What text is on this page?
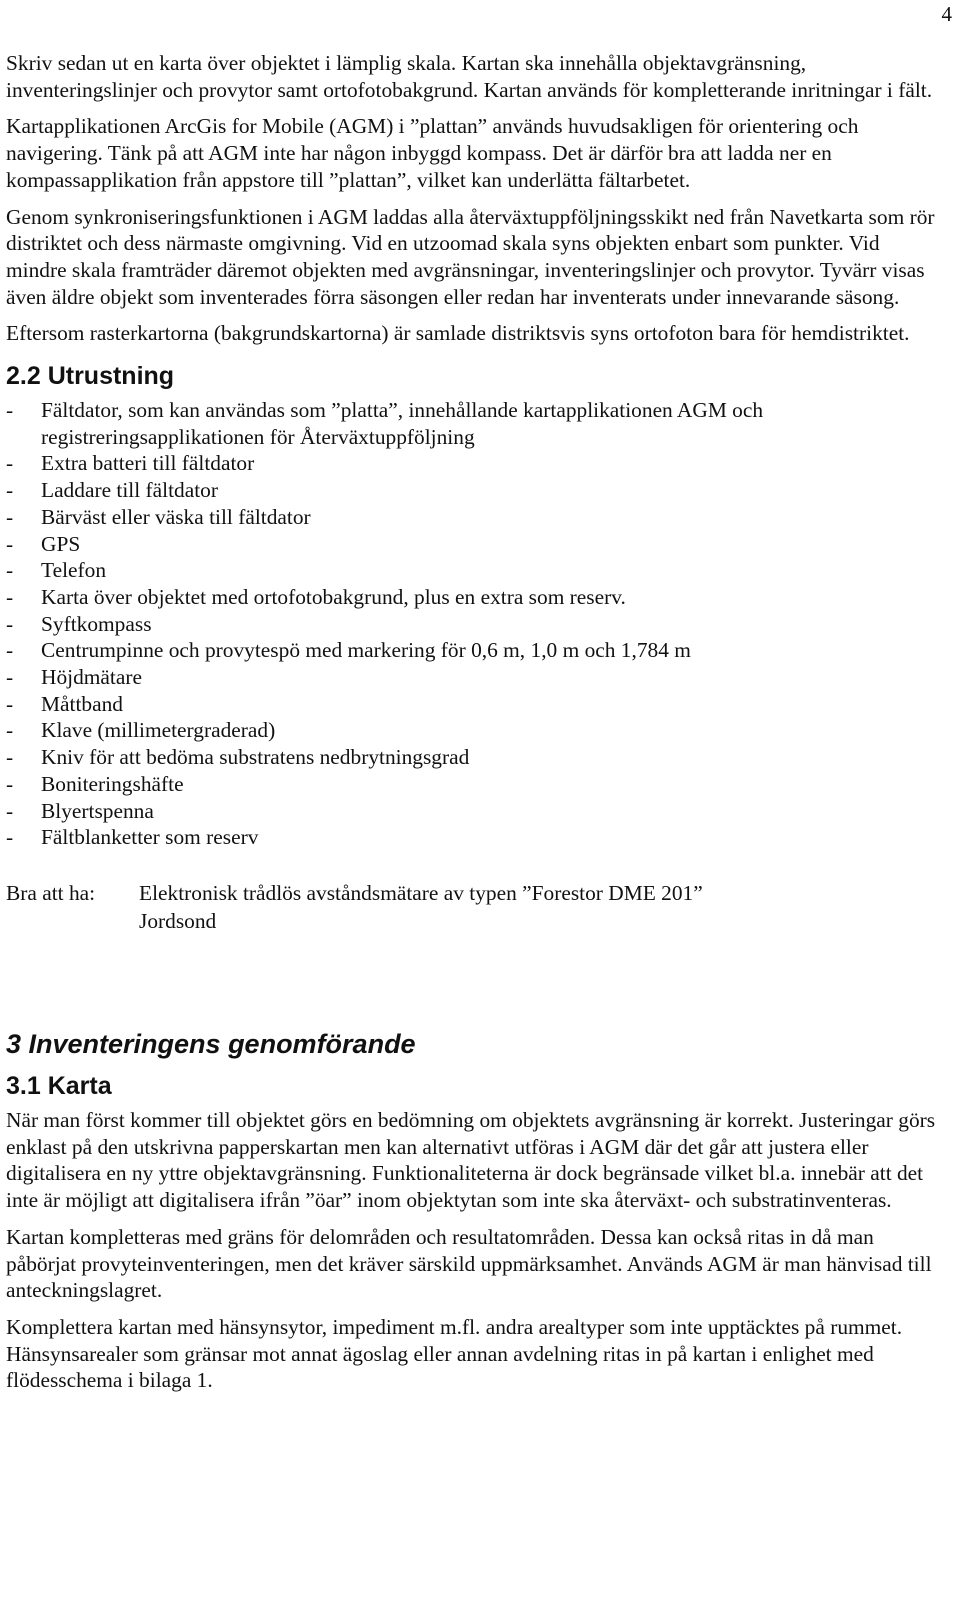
4

Skriv sedan ut en karta över objektet i lämplig skala. Kartan ska innehålla objektavgränsning, inventeringslinjer och provytor samt ortofotobakgrund. Kartan används för kompletterande inritningar i fält.

Kartapplikationen ArcGis for Mobile (AGM) i ”plattan” används huvudsakligen för orientering och navigering. Tänk på att AGM inte har någon inbyggd kompass. Det är därför bra att ladda ner en kompassapplikation från appstore till ”plattan”, vilket kan underlätta fältarbetet.

Genom synkroniseringsfunktionen i AGM laddas alla återväxtuppföljningsskikt ned från Navetkarta som rör distriktet och dess närmaste omgivning. Vid en utzoomad skala syns objekten enbart som punkter. Vid mindre skala framträder däremot objekten med avgränsningar, inventeringslinjer och provytor. Tyvärr visas även äldre objekt som inventerades förra säsongen eller redan har inventerats under innevarande säsong.

Eftersom rasterkartorna (bakgrundskartorna) är samlade distriktsvis syns ortofoton bara för hemdistriktet.

2.2 Utrustning
- Fältdator, som kan användas som ”platta”, innehållande kartapplikationen AGM och registreringsapplikationen för Återväxtuppföljning
- Extra batteri till fältdator
- Laddare till fältdator
- Bärväst eller väska till fältdator
- GPS
- Telefon
- Karta över objektet med ortofotobakgrund, plus en extra som reserv.
- Syftkompass
- Centrumpinne och provytespö med markering för 0,6 m, 1,0 m och 1,784 m
- Höjdmätare
- Måttband
- Klave (millimetergraderad)
- Kniv för att bedöma substratens nedbrytningsgrad
- Boniteringshäfte
- Blyertspenna
- Fältblanketter som reserv
Bra att ha:	Elektronisk trådlös avståndsmätare av typen ”Forestor DME 201”
Jordsond
3 Inventeringens genomförande
3.1 Karta

När man först kommer till objektet görs en bedömning om objektets avgränsning är korrekt. Justeringar görs enklast på den utskrivna papperskartan men kan alternativt utföras i AGM där det går att justera eller digitalisera en ny yttre objektavgränsning. Funktionaliteterna är dock begränsade vilket bl.a. innebär att det inte är möjligt att digitalisera ifrån ”öar” inom objektytan som inte ska återväxt- och substratinventeras.

Kartan kompletteras med gräns för delområden och resultatområden. Dessa kan också ritas in då man påbörjat provyteinventeringen, men det kräver särskild uppmärksamhet. Används AGM är man hänvisad till anteckningslagret.

Komplettera kartan med hänsynsytor, impediment m.fl. andra arealtyper som inte upptäcktes på rummet. Hänsynsarealer som gränsar mot annat ägoslag eller annan avdelning ritas in på kartan i enlighet med flödesschema i bilaga 1.
